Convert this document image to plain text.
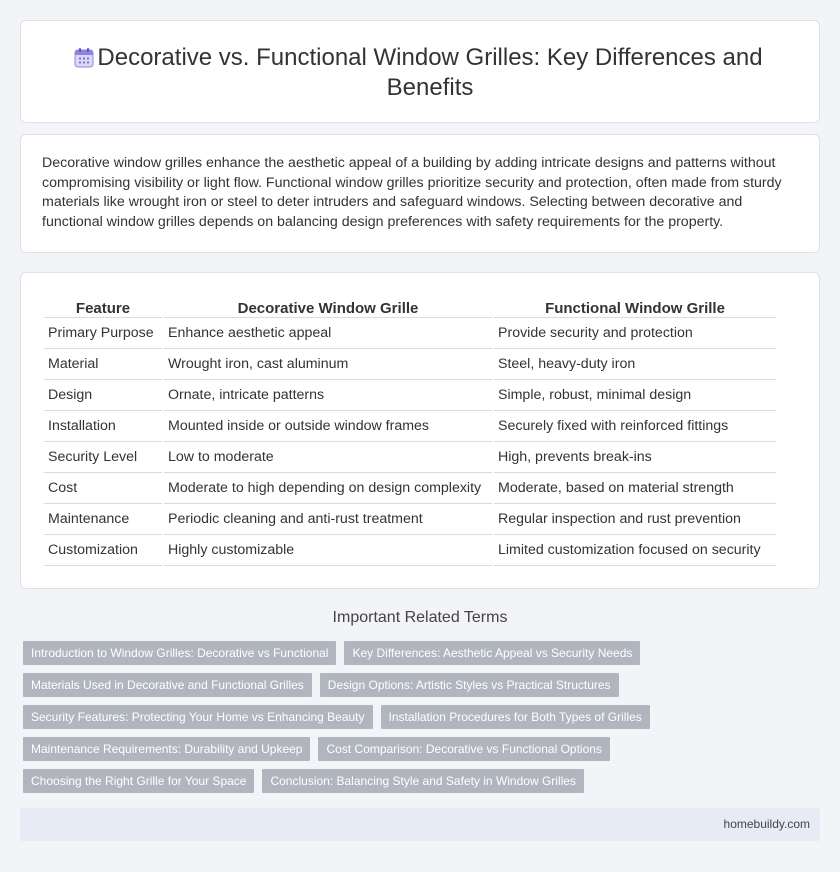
Decorative vs. Functional Window Grilles: Key Differences and Benefits

Decorative window grilles enhance the aesthetic appeal of a building by adding intricate designs and patterns without compromising visibility or light flow. Functional window grilles prioritize security and protection, often made from sturdy materials like wrought iron or steel to deter intruders and safeguard windows. Selecting between decorative and functional window grilles depends on balancing design preferences with safety requirements for the property.

Feature	Decorative Window Grille	Functional Window Grille
Primary Purpose	Enhance aesthetic appeal	Provide security and protection
Material	Wrought iron, cast aluminum	Steel, heavy-duty iron
Design	Ornate, intricate patterns	Simple, robust, minimal design
Installation	Mounted inside or outside window frames	Securely fixed with reinforced fittings
Security Level	Low to moderate	High, prevents break-ins
Cost	Moderate to high depending on design complexity	Moderate, based on material strength
Maintenance	Periodic cleaning and anti-rust treatment	Regular inspection and rust prevention
Customization	Highly customizable	Limited customization focused on security
Important Related Terms
Introduction to Window Grilles: Decorative vs Functional	Key Differences: Aesthetic Appeal vs Security Needs
Materials Used in Decorative and Functional Grilles	Design Options: Artistic Styles vs Practical Structures
Security Features: Protecting Your Home vs Enhancing Beauty	Installation Procedures for Both Types of Grilles
Maintenance Requirements: Durability and Upkeep	Cost Comparison: Decorative vs Functional Options
Choosing the Right Grille for Your Space	Conclusion: Balancing Style and Safety in Window Grilles
homebuildy.com
